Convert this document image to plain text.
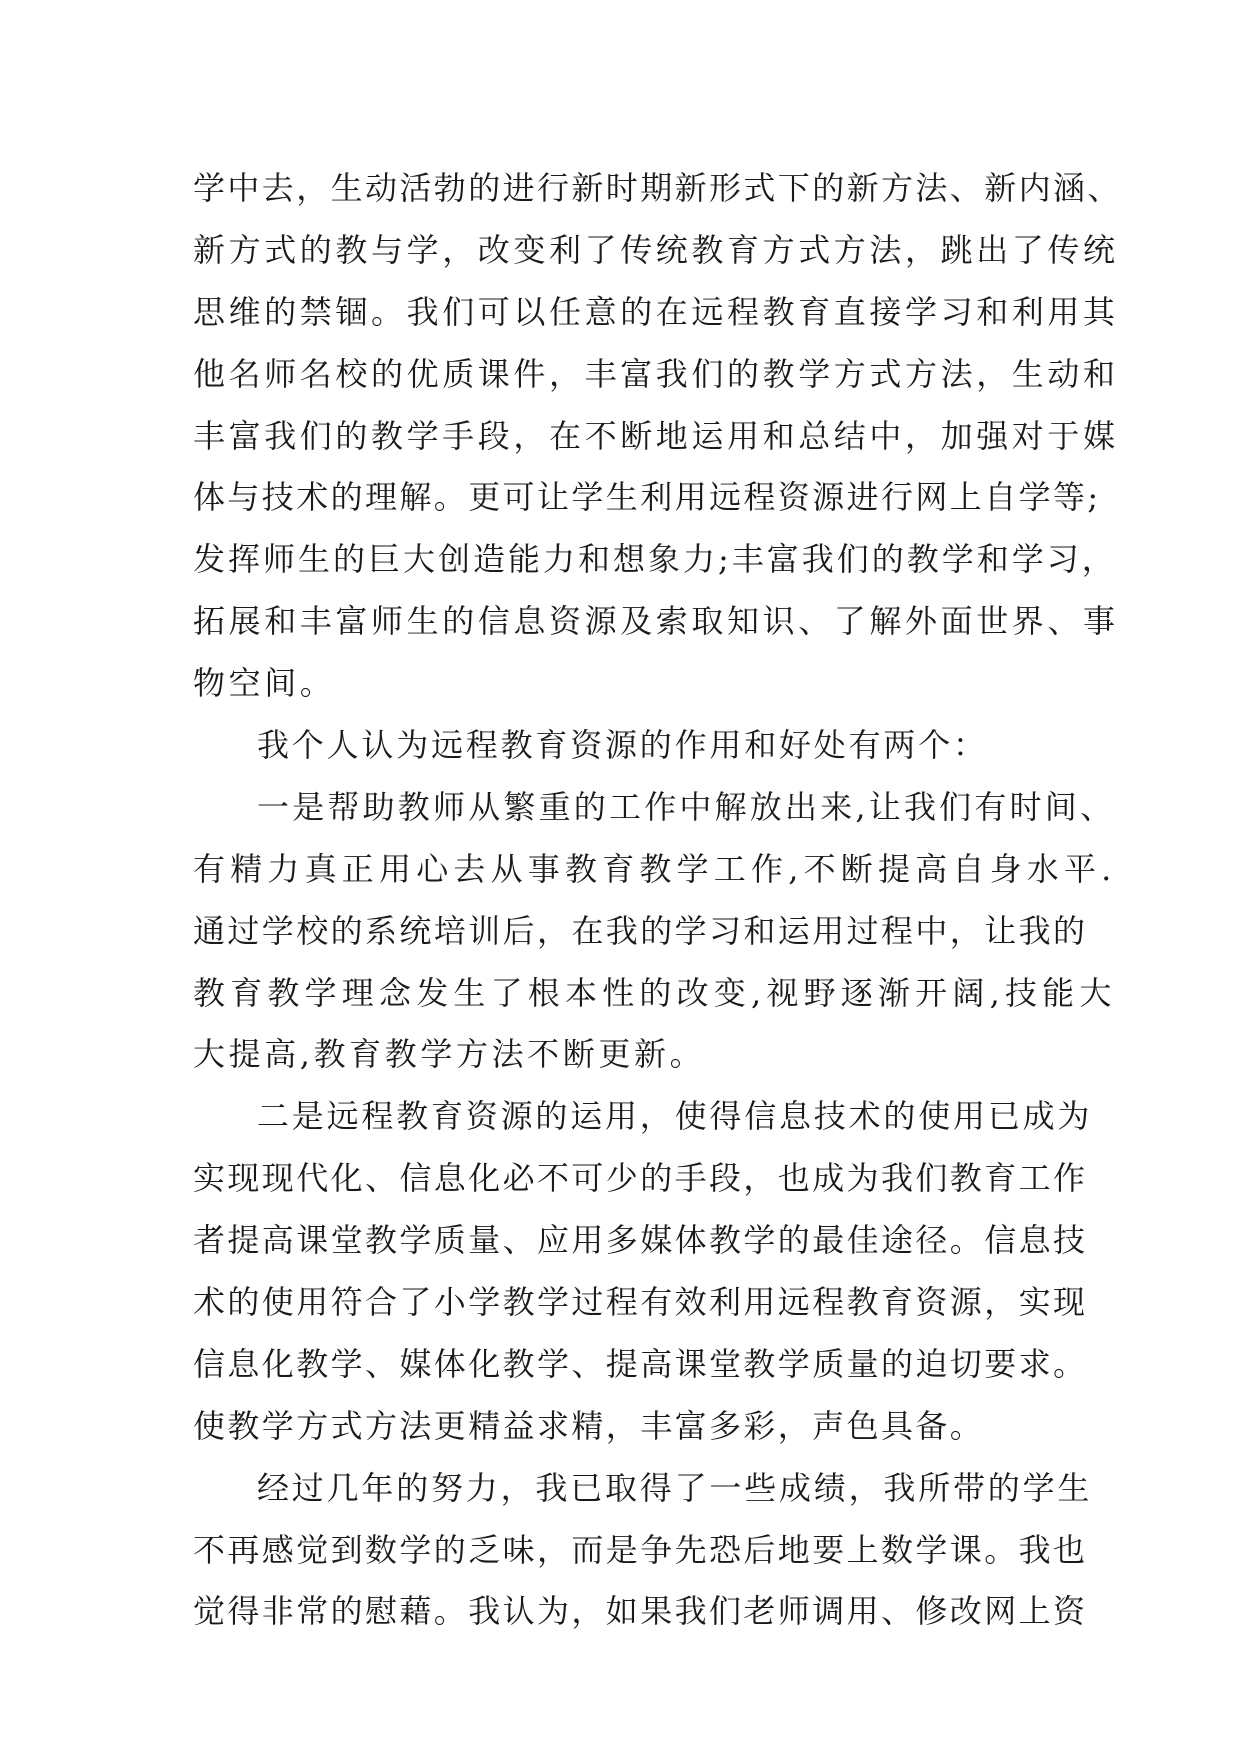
学中去，生动活勃的进行新时期新形式下的新方法、新内涵、
新方式的教与学，改变利了传统教育方式方法，跳出了传统
思维的禁锢。我们可以任意的在远程教育直接学习和利用其
他名师名校的优质课件，丰富我们的教学方式方法，生动和
丰富我们的教学手段，在不断地运用和总结中，加强对于媒
体与技术的理解。更可让学生利用远程资源进行网上自学等;
发挥师生的巨大创造能力和想象力;丰富我们的教学和学习，
拓展和丰富师生的信息资源及索取知识、了解外面世界、事
物空间。
我个人认为远程教育资源的作用和好处有两个：
一是帮助教师从繁重的工作中解放出来,让我们有时间、
有精力真正用心去从事教育教学工作,不断提高自身水平.
通过学校的系统培训后，在我的学习和运用过程中，让我的
教育教学理念发生了根本性的改变,视野逐渐开阔,技能大
大提高,教育教学方法不断更新。
二是远程教育资源的运用，使得信息技术的使用已成为
实现现代化、信息化必不可少的手段，也成为我们教育工作
者提高课堂教学质量、应用多媒体教学的最佳途径。信息技
术的使用符合了小学教学过程有效利用远程教育资源，实现
信息化教学、媒体化教学、提高课堂教学质量的迫切要求。
使教学方式方法更精益求精，丰富多彩，声色具备。
经过几年的努力，我已取得了一些成绩，我所带的学生
不再感觉到数学的乏味，而是争先恐后地要上数学课。我也
觉得非常的慰藉。我认为，如果我们老师调用、修改网上资
